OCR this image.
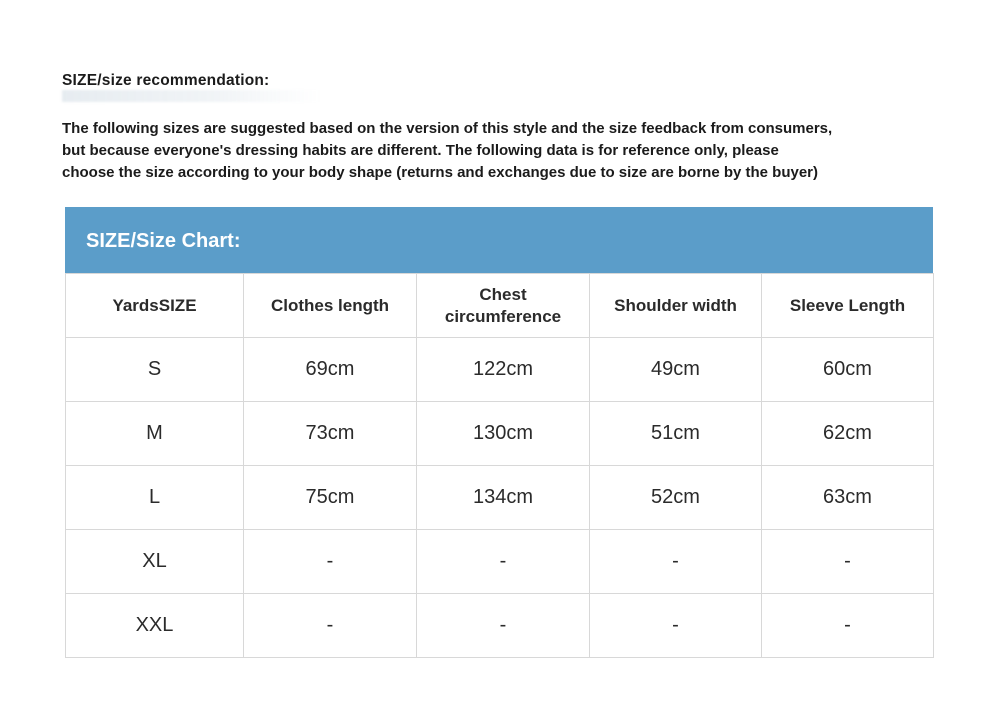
SIZE/size recommendation:

The following sizes are suggested based on the version of this style and the size feedback from consumers,

but because everyone's dressing habits are different. The following data is for reference only, please

choose the size according to your body shape (returns and exchanges due to size are borne by the buyer)

SIZE/Size Chart:
YardsSIZE	Clothes length	Chest circumference	Shoulder width	Sleeve Length
S	69cm	122cm	49cm	60cm
M	73cm	130cm	51cm	62cm
L	75cm	134cm	52cm	63cm
XL	-	-	-	-
XXL	-	-	-	-
